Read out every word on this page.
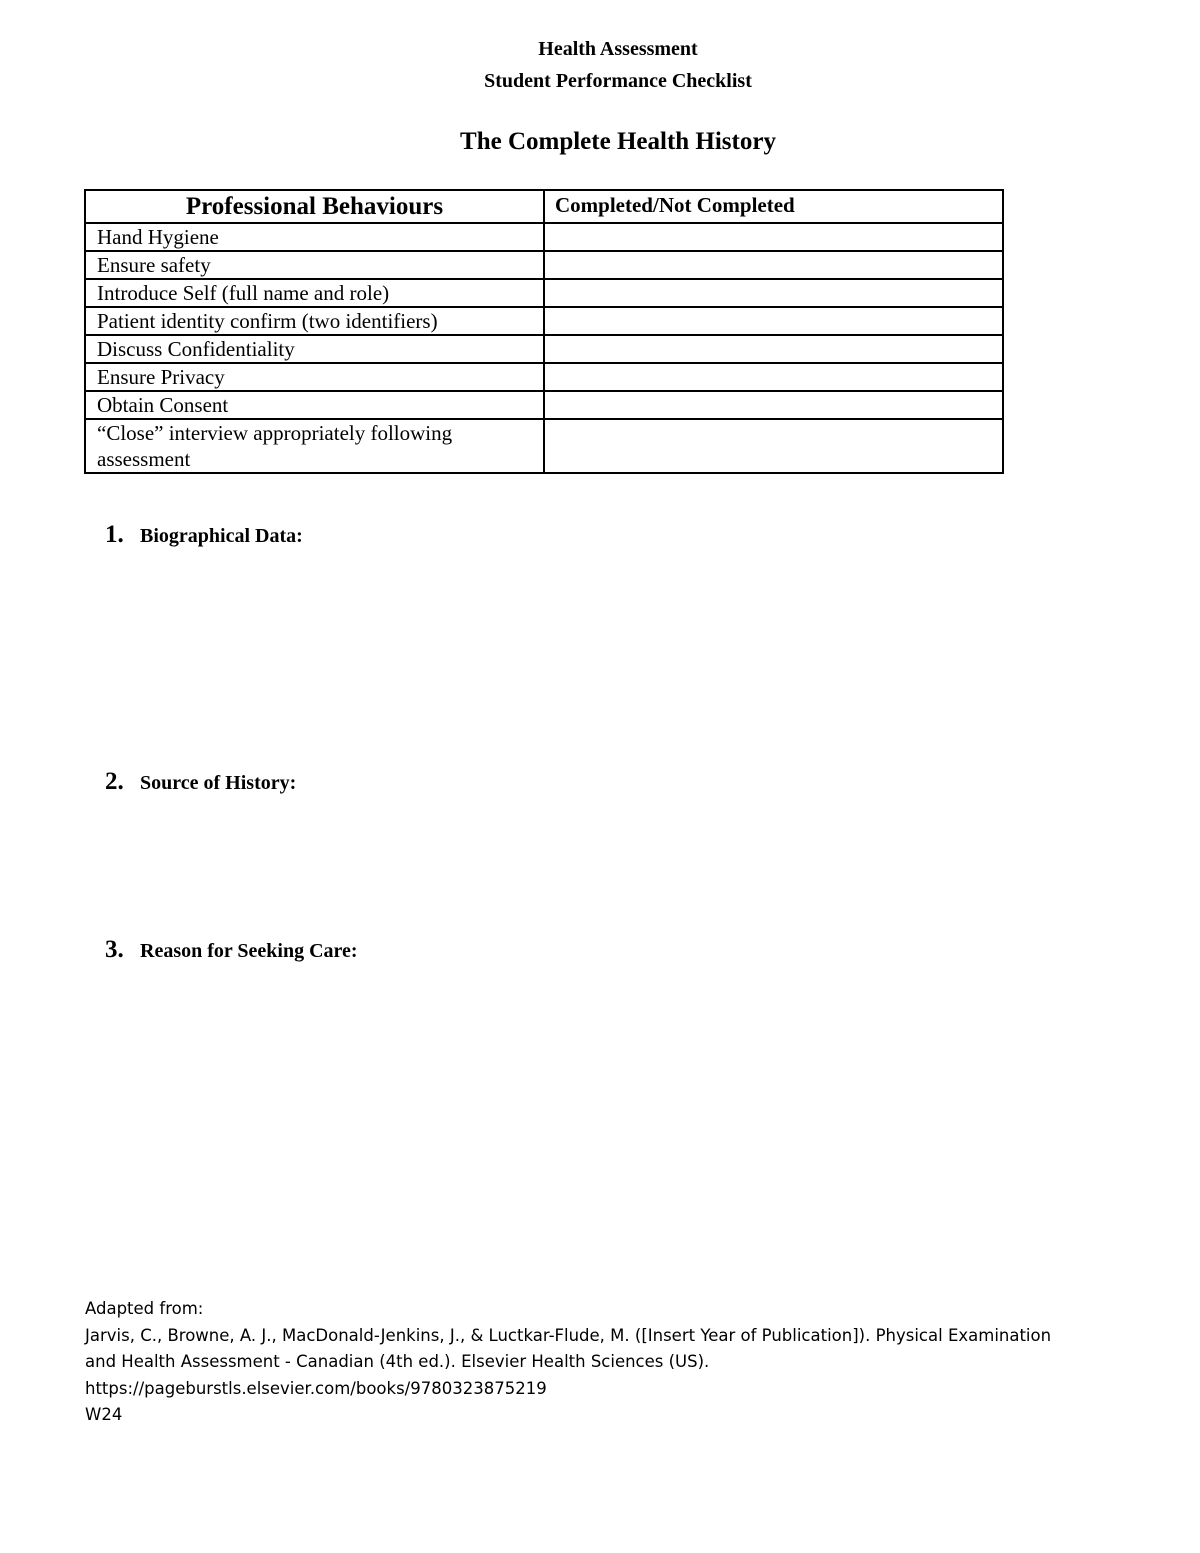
Health Assessment
Student Performance Checklist
The Complete Health History
Professional Behaviours	Completed/Not Completed
Hand Hygiene	
Ensure safety	
Introduce Self (full name and role)	
Patient identity confirm (two identifiers)	
Discuss Confidentiality	
Ensure Privacy	
Obtain Consent	
“Close” interview appropriately following assessment	
1. Biographical Data:
2. Source of History:
3. Reason for Seeking Care:
Adapted from:
Jarvis, C., Browne, A. J., MacDonald-Jenkins, J., & Luctkar-Flude, M. ([Insert Year of Publication]). Physical Examination
and Health Assessment - Canadian (4th ed.). Elsevier Health Sciences (US).
https://pageburstls.elsevier.com/books/9780323875219
W24
